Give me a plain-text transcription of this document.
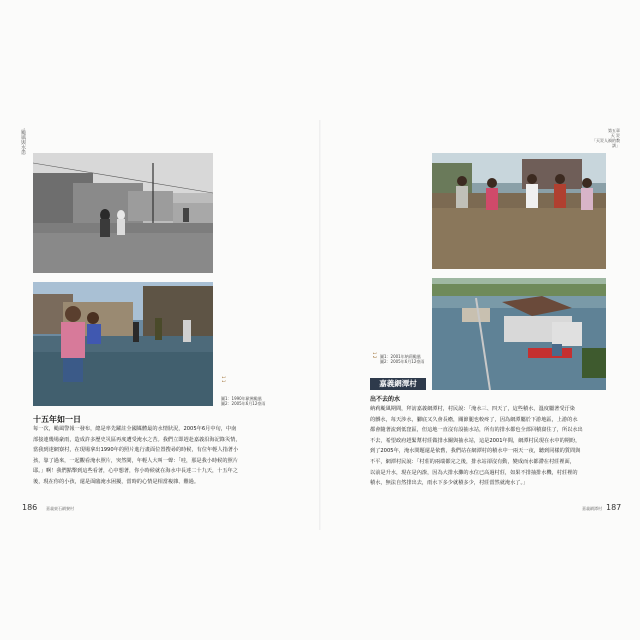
‧颱風與水患
1 1
圖1：1990年歐佛颱風
圖2：2005年6月12豪雨
十五年如一日
每一次，颱風警報一發布，總是率先躍註全國媒體最的水情狀況，2005年6月中旬，中南
部接連幾場豪雨，造成許多歷史災區再度遭受淹水之苦。我們立即趕赴嘉義沿海記錄災情，
當我到達網寮村，在現場拿出1990年的照片進行畫面位置搜尋的時候，有位年輕人指著小
孩，靠了過來，一起觀看淹水照片，突然間，年輕人大叫一聲：「哇，那是我小時候的照片
耶。」啊！我們點擊到這些看著，心中想著，你小時候就在海水中長達二十九天，十五年之
後，現在你的小孩，還是面臨淹水困擾，當時的心情是相當複雜、難過。
186 嘉義東石網寮村
第五章
天 災
「天災人禍的教訓」
1 2 圖1：2001年納莉颱風
圖2：2005年6月12豪雨
嘉義網潭村
出不去的水
納莉颱風期間，拜訪嘉義網潭村，村民說：「淹水三、四天了，這些積水，溫度屬著受汙染
的髒水，每天涉水，腳底又久會長瘡，關節腿也較疼了，因為網潭屬於下游地區，上游的水
都會隨著流到低窪區，但這地一直沒有設抽水站，所有的排水都也全部回積窩住了，所以水出
不去，希望政府趕緊幫村莊做排水關與抽水站，這是2001年間，網潭村民現在水中的期盼，
到了2005年，淹水問題還是依舊，我們站在網潭村的積水中一兩天一夜，聽到同樣的質問與
不平，網潭村民說：「村莊的兩端都完之後，排水站卻沒有動，變成而水都滯在村莊裡面，
以前是升水，現在是內潦，因為大排水灘的水位已高過村莊，如果不排抽排水機，村莊裡的
積水，無法自然排出去，雨水下多少就積多少，村莊當然就淹水了。」
嘉義網潭村 187
